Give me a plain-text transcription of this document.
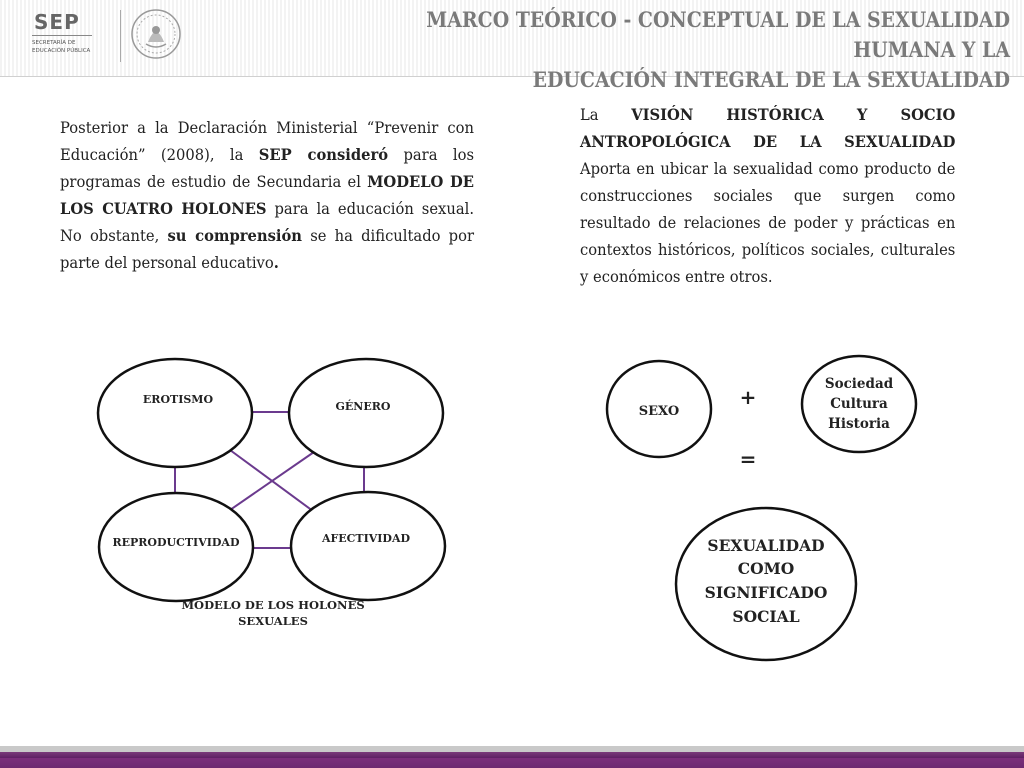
SEP
SECRETARÍA DE
EDUCACIÓN PÚBLICA
MARCO TEÓRICO - CONCEPTUAL DE LA SEXUALIDAD HUMANA Y LA
EDUCACIÓN INTEGRAL DE LA SEXUALIDAD
Posterior a la Declaración Ministerial “Prevenir con Educación” (2008), la SEP consideró para los programas de estudio de Secundaria el MODELO DE LOS CUATRO HOLONES para la educación sexual. No obstante, su comprensión se ha dificultado por parte del personal educativo.
La VISIÓN HISTÓRICA Y SOCIO ANTROPOLÓGICA DE LA SEXUALIDAD Aporta en ubicar la sexualidad como producto de construcciones sociales que surgen como resultado de relaciones de poder y prácticas en contextos históricos, políticos sociales, culturales y económicos entre otros.
EROTISMO
GÉNERO
REPRODUCTIVIDAD	AFECTIVIDAD
MODELO DE LOS HOLONES
SEXUALES
SEXO
+
Sociedad
Cultura
Historia
=
SEXUALIDAD
COMO
SIGNIFICADO
SOCIAL
